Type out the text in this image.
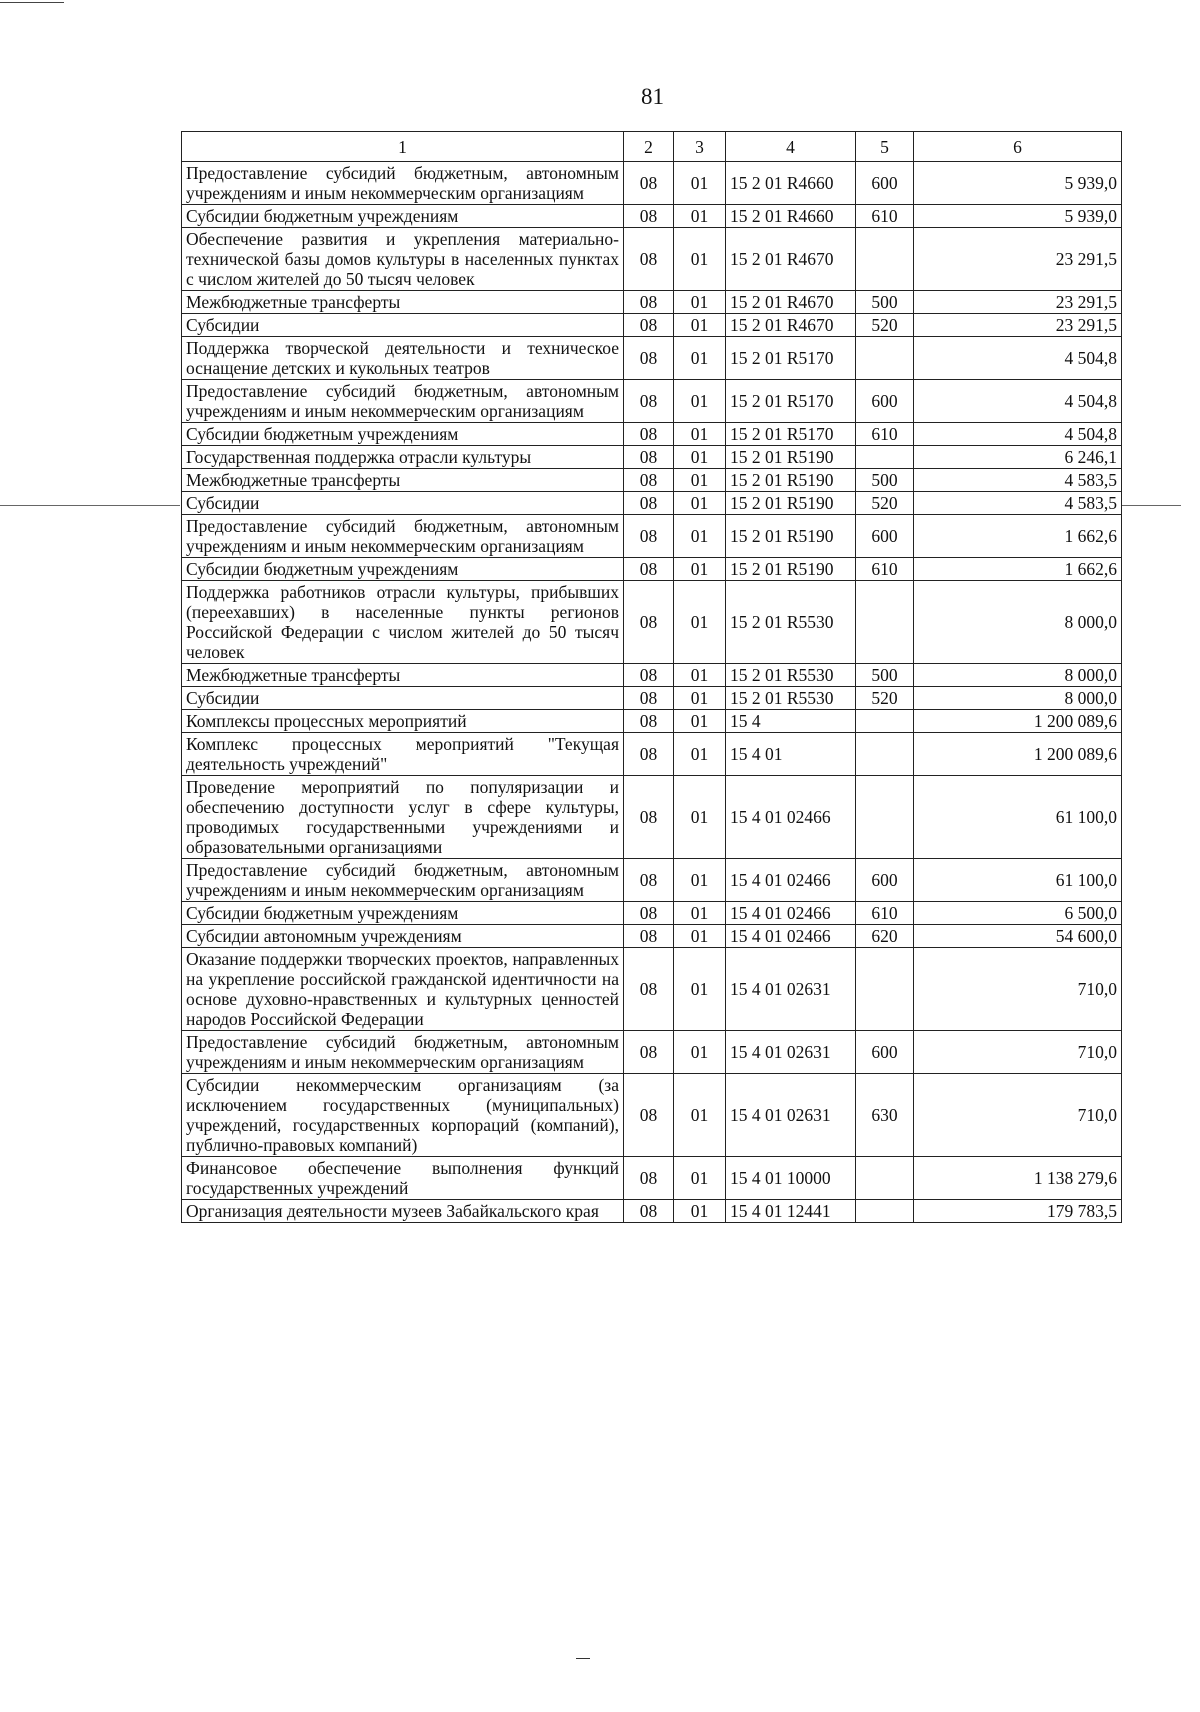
81
1	2	3	4	5	6
Предоставление субсидий бюджетным, автономным учреждениям и иным некоммерческим организациям	08	01	15 2 01 R4660	600	5 939,0
Субсидии бюджетным учреждениям	08	01	15 2 01 R4660	610	5 939,0
Обеспечение развития и укрепления материально-технической базы домов культуры в населенных пунктах с числом жителей до 50 тысяч человек	08	01	15 2 01 R4670		23 291,5
Межбюджетные трансферты	08	01	15 2 01 R4670	500	23 291,5
Субсидии	08	01	15 2 01 R4670	520	23 291,5
Поддержка творческой деятельности и техническое оснащение детских и кукольных театров	08	01	15 2 01 R5170		4 504,8
Предоставление субсидий бюджетным, автономным учреждениям и иным некоммерческим организациям	08	01	15 2 01 R5170	600	4 504,8
Субсидии бюджетным учреждениям	08	01	15 2 01 R5170	610	4 504,8
Государственная поддержка отрасли культуры	08	01	15 2 01 R5190		6 246,1
Межбюджетные трансферты	08	01	15 2 01 R5190	500	4 583,5
Субсидии	08	01	15 2 01 R5190	520	4 583,5
Предоставление субсидий бюджетным, автономным учреждениям и иным некоммерческим организациям	08	01	15 2 01 R5190	600	1 662,6
Субсидии бюджетным учреждениям	08	01	15 2 01 R5190	610	1 662,6
Поддержка работников отрасли культуры, прибывших (переехавших) в населенные пункты регионов Российской Федерации с числом жителей до 50 тысяч человек	08	01	15 2 01 R5530		8 000,0
Межбюджетные трансферты	08	01	15 2 01 R5530	500	8 000,0
Субсидии	08	01	15 2 01 R5530	520	8 000,0
Комплексы процессных мероприятий	08	01	15 4		1 200 089,6
Комплекс процессных мероприятий "Текущая деятельность учреждений"	08	01	15 4 01		1 200 089,6
Проведение мероприятий по популяризации и обеспечению доступности услуг в сфере культуры, проводимых государственными учреждениями и образовательными организациями	08	01	15 4 01 02466		61 100,0
Предоставление субсидий бюджетным, автономным учреждениям и иным некоммерческим организациям	08	01	15 4 01 02466	600	61 100,0
Субсидии бюджетным учреждениям	08	01	15 4 01 02466	610	6 500,0
Субсидии автономным учреждениям	08	01	15 4 01 02466	620	54 600,0
Оказание поддержки творческих проектов, направленных на укрепление российской гражданской идентичности на основе духовно-нравственных и культурных ценностей народов Российской Федерации	08	01	15 4 01 02631		710,0
Предоставление субсидий бюджетным, автономным учреждениям и иным некоммерческим организациям	08	01	15 4 01 02631	600	710,0
Субсидии некоммерческим организациям (за исключением государственных (муниципальных) учреждений, государственных корпораций (компаний), публично-правовых компаний)	08	01	15 4 01 02631	630	710,0
Финансовое обеспечение выполнения функций государственных учреждений	08	01	15 4 01 10000		1 138 279,6
Организация деятельности музеев Забайкальского края	08	01	15 4 01 12441		179 783,5
